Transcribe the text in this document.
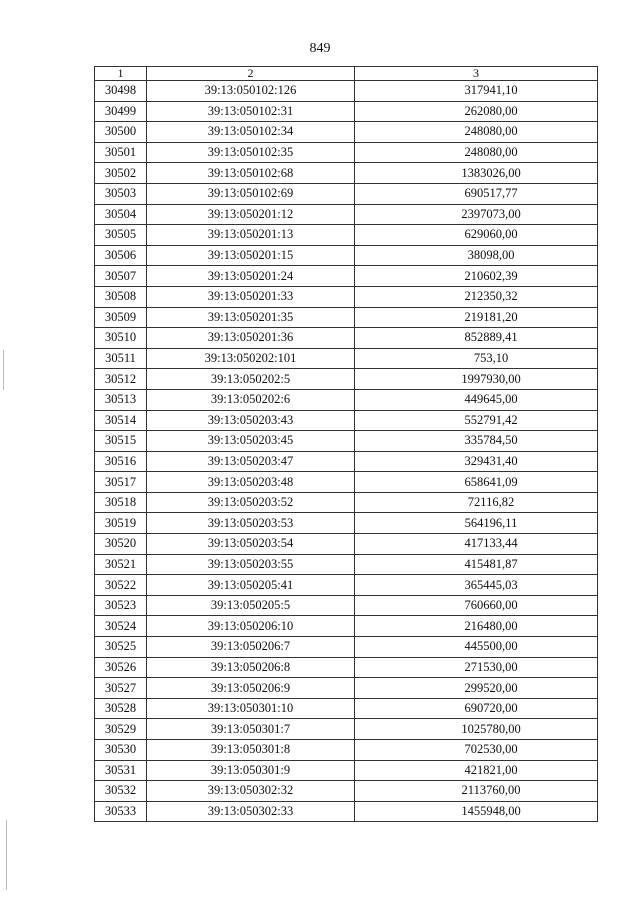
849
1	2	3
30498	39:13:050102:126	317941,10
30499	39:13:050102:31	262080,00
30500	39:13:050102:34	248080,00
30501	39:13:050102:35	248080,00
30502	39:13:050102:68	1383026,00
30503	39:13:050102:69	690517,77
30504	39:13:050201:12	2397073,00
30505	39:13:050201:13	629060,00
30506	39:13:050201:15	38098,00
30507	39:13:050201:24	210602,39
30508	39:13:050201:33	212350,32
30509	39:13:050201:35	219181,20
30510	39:13:050201:36	852889,41
30511	39:13:050202:101	753,10
30512	39:13:050202:5	1997930,00
30513	39:13:050202:6	449645,00
30514	39:13:050203:43	552791,42
30515	39:13:050203:45	335784,50
30516	39:13:050203:47	329431,40
30517	39:13:050203:48	658641,09
30518	39:13:050203:52	72116,82
30519	39:13:050203:53	564196,11
30520	39:13:050203:54	417133,44
30521	39:13:050203:55	415481,87
30522	39:13:050205:41	365445,03
30523	39:13:050205:5	760660,00
30524	39:13:050206:10	216480,00
30525	39:13:050206:7	445500,00
30526	39:13:050206:8	271530,00
30527	39:13:050206:9	299520,00
30528	39:13:050301:10	690720,00
30529	39:13:050301:7	1025780,00
30530	39:13:050301:8	702530,00
30531	39:13:050301:9	421821,00
30532	39:13:050302:32	2113760,00
30533	39:13:050302:33	1455948,00
